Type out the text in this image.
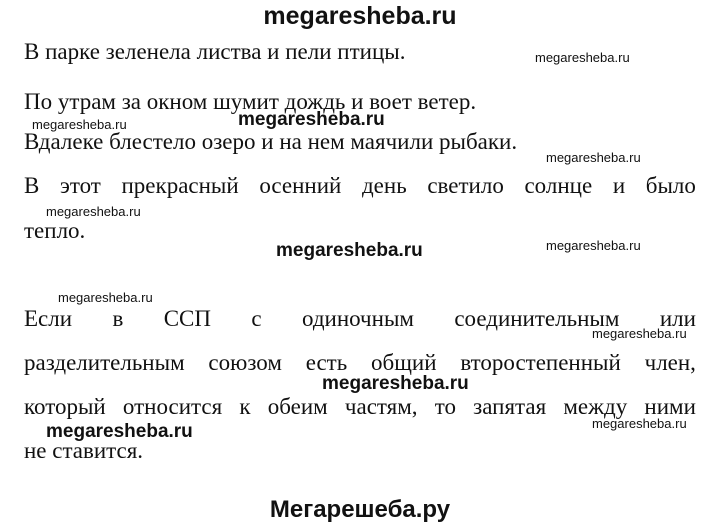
megaresheba.ru
В парке зеленела листва и пели птицы.
По утрам за окном шумит дождь и воет ветер.
Вдалеке блестело озеро и на нем маячили рыбаки.
В этот прекрасный осенний день светило солнце и было
тепло.
Если в ССП с одиночным соединительным или
разделительным союзом есть общий второстепенный член,
который относится к обеим частям, то запятая между ними
не ставится.
megaresheba.ru
megaresheba.ru	megaresheba.ru
megaresheba.ru
megaresheba.ru
megaresheba.ru	megaresheba.ru
megaresheba.ru
megaresheba.ru
megaresheba.ru
megaresheba.ru	megaresheba.ru
Мегарешеба.ру
